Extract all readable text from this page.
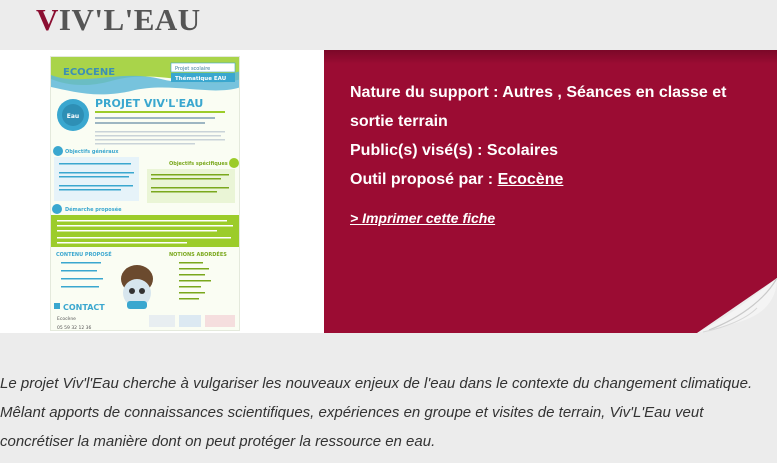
VIV'L'EAU
ECOCENE	Projet scolaire
Thématique EAU
Eau
PROJET VIV'L'EAU
Objectifs généraux
Objectifs spécifiques
Démarche proposée
CONTENU PROPOSÉ	NOTIONS ABORDÉES
CONTACT
Ecocène
05 59 32 12 36
Nature du support : Autres , Séances en classe et sortie terrain
Public(s) visé(s) : Scolaires
Outil proposé par : Ecocène
> Imprimer cette fiche

Le projet Viv'l'Eau cherche à vulgariser les nouveaux enjeux de l'eau dans le contexte du changement climatique. Mêlant apports de connaissances scientifiques, expériences en groupe et visites de terrain, Viv'L'Eau veut concrétiser la manière dont on peut protéger la ressource en eau.
